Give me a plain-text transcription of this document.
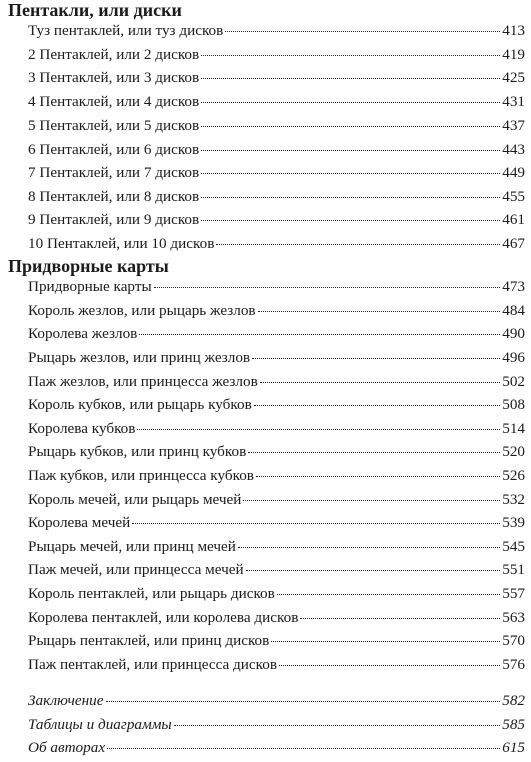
Пентакли, или диски
Туз пентаклей, или туз дисков	413
2 Пентаклей, или 2 дисков	419
3 Пентаклей, или 3 дисков	425
4 Пентаклей, или 4 дисков	431
5 Пентаклей, или 5 дисков	437
6 Пентаклей, или 6 дисков	443
7 Пентаклей, или 7 дисков	449
8 Пентаклей, или 8 дисков	455
9 Пентаклей, или 9 дисков	461
10 Пентаклей, или 10 дисков	467
Придворные карты
Придворные карты	473
Король жезлов, или рыцарь жезлов	484
Королева жезлов	490
Рыцарь жезлов, или принц жезлов	496
Паж жезлов, или принцесса жезлов	502
Король кубков, или рыцарь кубков	508
Королева кубков	514
Рыцарь кубков, или принц кубков	520
Паж кубков, или принцесса кубков	526
Король мечей, или рыцарь мечей	532
Королева мечей	539
Рыцарь мечей, или принц мечей	545
Паж мечей, или принцесса мечей	551
Король пентаклей, или рыцарь дисков	557
Королева пентаклей, или королева дисков	563
Рыцарь пентаклей, или принц дисков	570
Паж пентаклей, или принцесса дисков	576
Заключение	582
Таблицы и диаграммы	585
Об авторах	615
